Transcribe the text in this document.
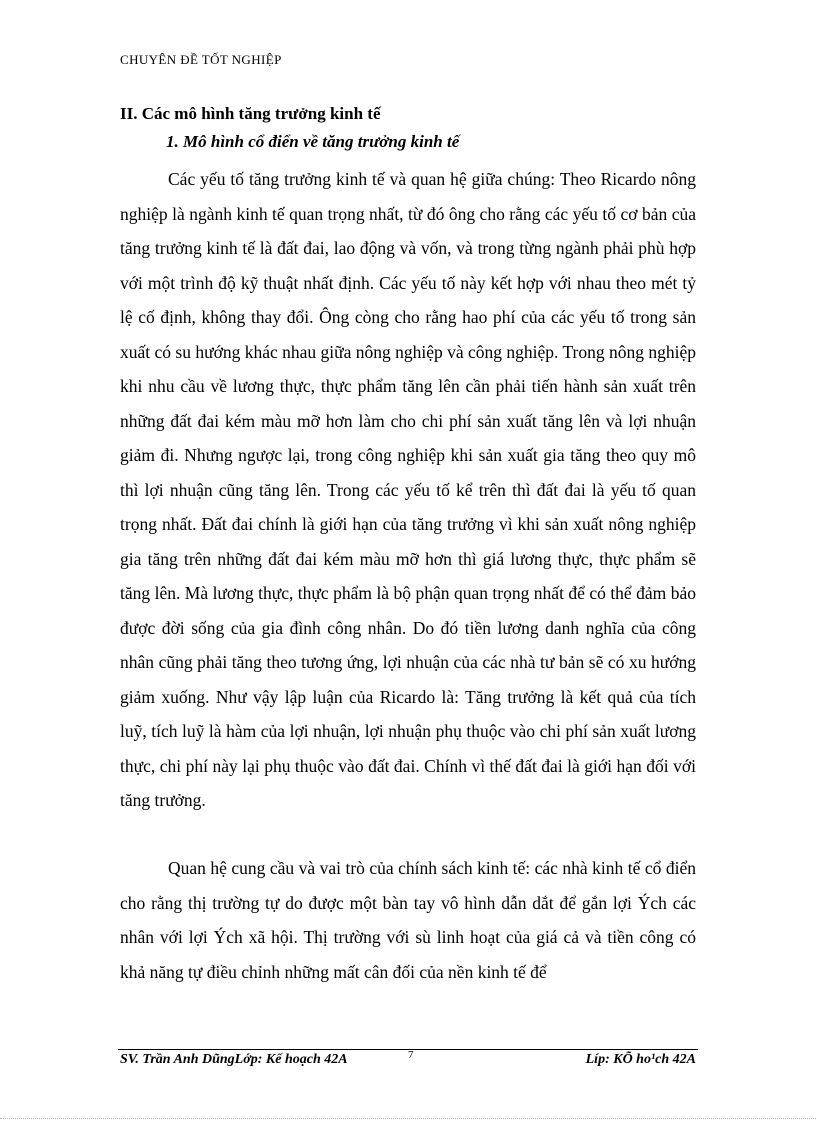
CHUYÊN ĐỀ TỐT NGHIỆP
II. Các mô hình tăng trưởng kinh tế
1. Mô hình cổ điển về tăng trưởng kinh tế

Các yếu tố tăng trưởng kinh tế và quan hệ giữa chúng: Theo Ricardo nông nghiệp là ngành kinh tế quan trọng nhất, từ đó ông cho rằng các yếu tố cơ bản của tăng trưởng kinh tế là đất đai, lao động và vốn, và trong từng ngành phải phù hợp với một trình độ kỹ thuật nhất định. Các yếu tố này kết hợp với nhau theo mét tỷ lệ cố định, không thay đổi. Ông còng cho rằng hao phí của các yếu tố trong sản xuất có su hướng khác nhau giữa nông nghiệp và công nghiệp. Trong nông nghiệp khi nhu cầu về lương thực, thực phẩm tăng lên cần phải tiến hành sản xuất trên những đất đai kém màu mỡ hơn làm cho chi phí sản xuất tăng lên và lợi nhuận giảm đi. Nhưng ngược lại, trong công nghiệp khi sản xuất gia tăng theo quy mô thì lợi nhuận cũng tăng lên. Trong các yếu tố kể trên thì đất đai là yếu tố quan trọng nhất. Đất đai chính là giới hạn của tăng trưởng vì khi sản xuất nông nghiệp gia tăng trên những đất đai kém màu mỡ hơn thì giá lương thực, thực phẩm sẽ tăng lên. Mà lương thực, thực phẩm là bộ phận quan trọng nhất để có thể đảm bảo được đời sống của gia đình công nhân. Do đó tiền lương danh nghĩa của công nhân cũng phải tăng theo tương ứng, lợi nhuận của các nhà tư bản sẽ có xu hướng giảm xuống. Như vậy lập luận của Ricardo là: Tăng trưởng là kết quả của tích luỹ, tích luỹ là hàm của lợi nhuận, lợi nhuận phụ thuộc vào chi phí sản xuất lương thực, chi phí này lại phụ thuộc vào đất đai. Chính vì thế đất đai là giới hạn đối với tăng trưởng.

Quan hệ cung cầu và vai trò của chính sách kinh tế: các nhà kinh tế cổ điển cho rằng thị trường tự do được một bàn tay vô hình dẫn dắt để gắn lợi Ých các nhân với lợi Ých xã hội. Thị trường với sù linh hoạt của giá cả và tiền công có khả năng tự điều chỉnh những mất cân đối của nền kinh tế để

SV. Trần Anh DũngLớp: Kế hoạch 42A	7	Líp: KÕ ho¹ch 42A
